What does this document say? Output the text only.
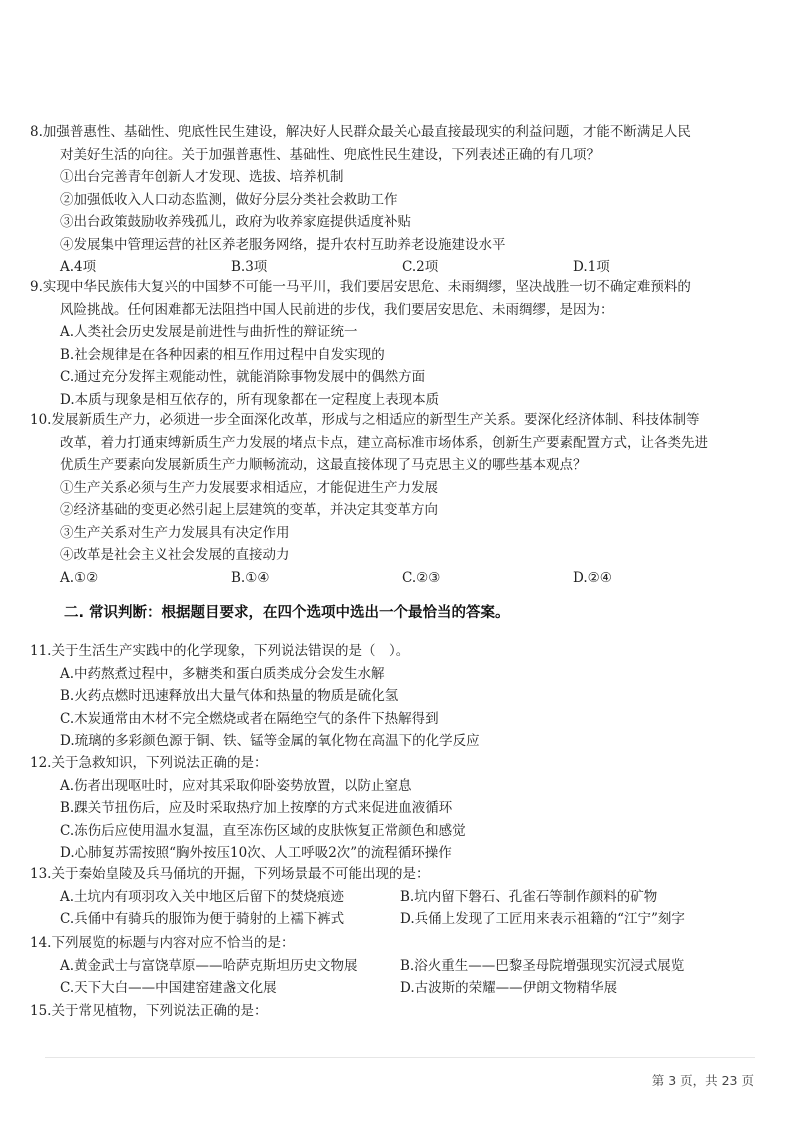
8.加强普惠性、基础性、兜底性民生建设，解决好人民群众最关心最直接最现实的利益问题，才能不断满足人民
对美好生活的向往。关于加强普惠性、基础性、兜底性民生建设，下列表述正确的有几项？
①出台完善青年创新人才发现、选拔、培养机制
②加强低收入人口动态监测，做好分层分类社会救助工作
③出台政策鼓励收养残孤儿，政府为收养家庭提供适度补贴
④发展集中管理运营的社区养老服务网络，提升农村互助养老设施建设水平
A.4项	B.3项	C.2项	D.1项
9.实现中华民族伟大复兴的中国梦不可能一马平川，我们要居安思危、未雨绸缪，坚决战胜一切不确定难预料的
风险挑战。任何困难都无法阻挡中国人民前进的步伐，我们要居安思危、未雨绸缪，是因为：
A.人类社会历史发展是前进性与曲折性的辩证统一
B.社会规律是在各种因素的相互作用过程中自发实现的
C.通过充分发挥主观能动性，就能消除事物发展中的偶然方面
D.本质与现象是相互依存的，所有现象都在一定程度上表现本质
10.发展新质生产力，必须进一步全面深化改革，形成与之相适应的新型生产关系。要深化经济体制、科技体制等
改革，着力打通束缚新质生产力发展的堵点卡点，建立高标准市场体系，创新生产要素配置方式，让各类先进
优质生产要素向发展新质生产力顺畅流动，这最直接体现了马克思主义的哪些基本观点？
①生产关系必须与生产力发展要求相适应，才能促进生产力发展
②经济基础的变更必然引起上层建筑的变革，并决定其变革方向
③生产关系对生产力发展具有决定作用
④改革是社会主义社会发展的直接动力
A.①②	B.①④	C.②③	D.②④
二. 常识判断：根据题目要求，在四个选项中选出一个最恰当的答案。
11.关于生活生产实践中的化学现象，下列说法错误的是（　）。
A.中药熬煮过程中，多糖类和蛋白质类成分会发生水解
B.火药点燃时迅速释放出大量气体和热量的物质是硫化氢
C.木炭通常由木材不完全燃烧或者在隔绝空气的条件下热解得到
D.琉璃的多彩颜色源于铜、铁、锰等金属的氧化物在高温下的化学反应
12.关于急救知识，下列说法正确的是：
A.伤者出现呕吐时，应对其采取仰卧姿势放置，以防止窒息
B.踝关节扭伤后，应及时采取热疗加上按摩的方式来促进血液循环
C.冻伤后应使用温水复温，直至冻伤区域的皮肤恢复正常颜色和感觉
D.心肺复苏需按照“胸外按压10次、人工呼吸2次”的流程循环操作
13.关于秦始皇陵及兵马俑坑的开掘，下列场景最不可能出现的是：
A.土坑内有项羽攻入关中地区后留下的焚烧痕迹	B.坑内留下磐石、孔雀石等制作颜料的矿物
C.兵俑中有骑兵的服饰为便于骑射的上襦下裤式	D.兵俑上发现了工匠用来表示祖籍的“江宁”刻字
14.下列展览的标题与内容对应不恰当的是：
A.黄金武士与富饶草原——哈萨克斯坦历史文物展	B.浴火重生——巴黎圣母院增强现实沉浸式展览
C.天下大白——中国建窑建盏文化展	D.古波斯的荣耀——伊朗文物精华展
15.关于常见植物，下列说法正确的是：
第 3 页，共 23 页
